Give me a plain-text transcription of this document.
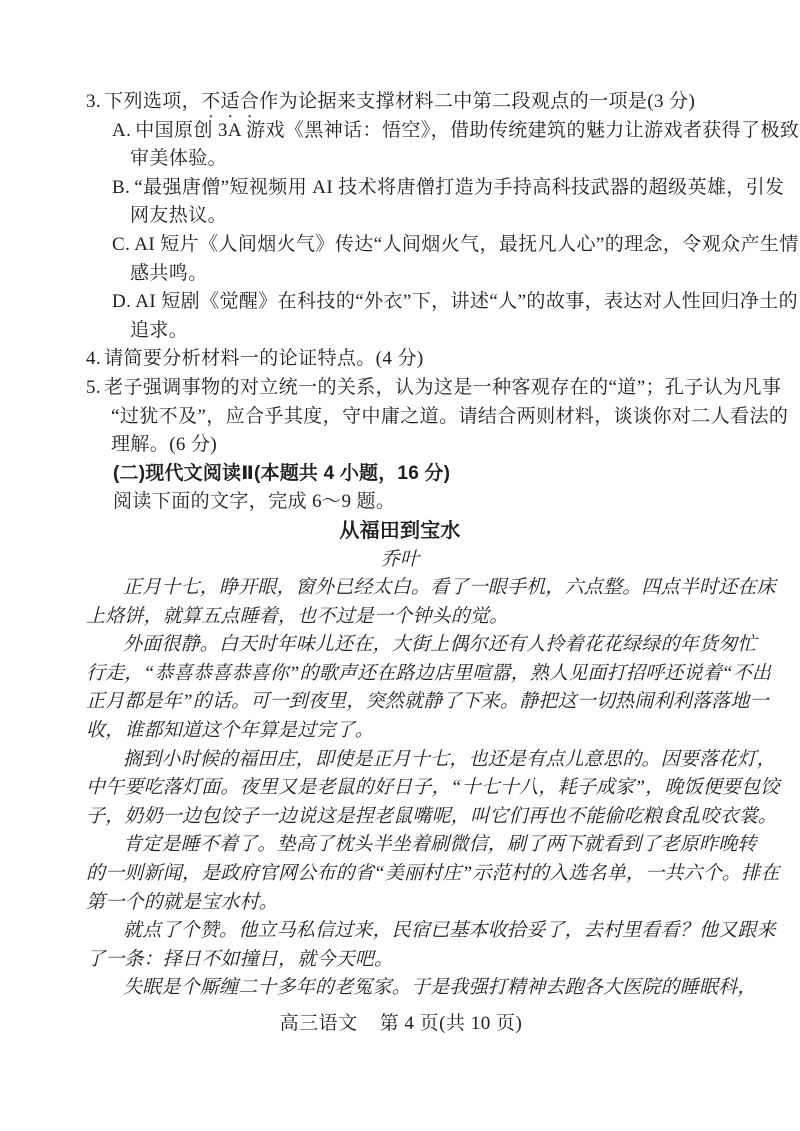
3. 下列选项，不适合作为论据来支撑材料二中第二段观点的一项是(3 分)
A. 中国原创 3A 游戏《黑神话：悟空》，借助传统建筑的魅力让游戏者获得了极致
审美体验。
B. “最强唐僧”短视频用 AI 技术将唐僧打造为手持高科技武器的超级英雄，引发
网友热议。
C. AI 短片《人间烟火气》传达“人间烟火气，最抚凡人心”的理念，令观众产生情
感共鸣。
D. AI 短剧《觉醒》在科技的“外衣”下，讲述“人”的故事，表达对人性回归净土的
追求。
4. 请简要分析材料一的论证特点。(4 分)
5. 老子强调事物的对立统一的关系，认为这是一种客观存在的“道”；孔子认为凡事
“过犹不及”，应合乎其度，守中庸之道。请结合两则材料，谈谈你对二人看法的
理解。(6 分)
(二)现代文阅读Ⅱ(本题共 4 小题，16 分)
阅读下面的文字，完成 6～9 题。
从福田到宝水
乔叶
正月十七，睁开眼，窗外已经太白。看了一眼手机，六点整。四点半时还在床
上烙饼，就算五点睡着，也不过是一个钟头的觉。
外面很静。白天时年味儿还在，大街上偶尔还有人拎着花花绿绿的年货匆忙
行走，“恭喜恭喜恭喜你”的歌声还在路边店里喧嚣，熟人见面打招呼还说着“不出
正月都是年”的话。可一到夜里，突然就静了下来。静把这一切热闹利利落落地一
收，谁都知道这个年算是过完了。
搁到小时候的福田庄，即使是正月十七，也还是有点儿意思的。因要落花灯，
中午要吃落灯面。夜里又是老鼠的好日子，“十七十八，耗子成家”，晚饭便要包饺
子，奶奶一边包饺子一边说这是捏老鼠嘴呢，叫它们再也不能偷吃粮食乱咬衣裳。
肯定是睡不着了。垫高了枕头半坐着刷微信，刷了两下就看到了老原昨晚转
的一则新闻，是政府官网公布的省“美丽村庄”示范村的入选名单，一共六个。排在
第一个的就是宝水村。
就点了个赞。他立马私信过来，民宿已基本收拾妥了，去村里看看？他又跟来
了一条：择日不如撞日，就今天吧。
失眠是个厮缠二十多年的老冤家。于是我强打精神去跑各大医院的睡眠科，
高三语文 第 4 页(共 10 页)
